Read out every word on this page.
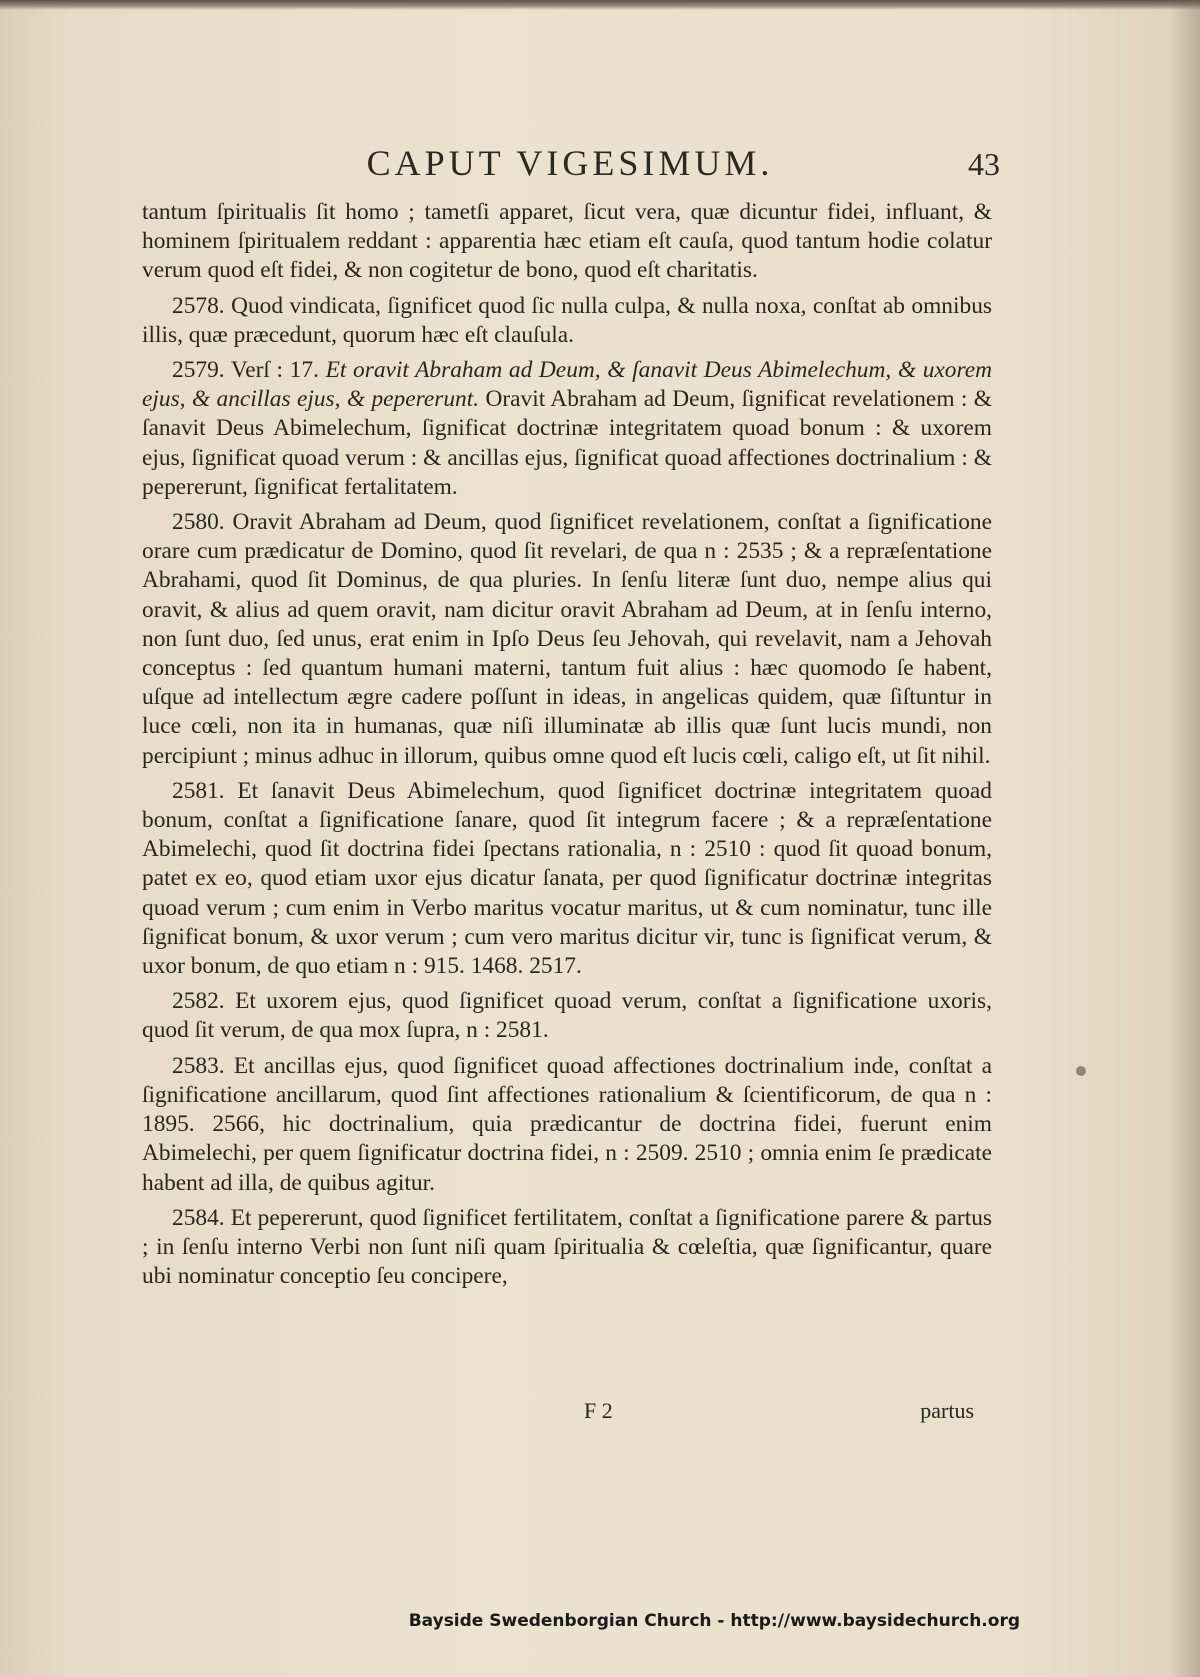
CAPUT VIGESIMUM.	43

tantum ſpiritualis ſit homo ; tametſi apparet, ſicut vera, quæ dicuntur fidei, influant, & hominem ſpiritualem reddant : apparentia hæc etiam eſt cauſa, quod tantum hodie colatur verum quod eſt fidei, & non cogitetur de bono, quod eſt charitatis.

2578. Quod vindicata, ſignificet quod ſic nulla culpa, & nulla noxa, conſtat ab omnibus illis, quæ præcedunt, quorum hæc eſt clauſula.

2579. Verſ : 17. Et oravit Abraham ad Deum, & ſanavit Deus Abimelechum, & uxorem ejus, & ancillas ejus, & pepererunt. Oravit Abraham ad Deum, ſignificat revelationem : & ſanavit Deus Abimelechum, ſignificat doctrinæ integritatem quoad bonum : & uxorem ejus, ſignificat quoad verum : & ancillas ejus, ſignificat quoad affectiones doctrinalium : & pepererunt, ſignificat fertalitatem.

2580. Oravit Abraham ad Deum, quod ſignificet revelationem, conſtat a ſignificatione orare cum prædicatur de Domino, quod ſit revelari, de qua n : 2535 ; & a repræſentatione Abrahami, quod ſit Dominus, de qua pluries. In ſenſu literæ ſunt duo, nempe alius qui oravit, & alius ad quem oravit, nam dicitur oravit Abraham ad Deum, at in ſenſu interno, non ſunt duo, ſed unus, erat enim in Ipſo Deus ſeu Jehovah, qui revelavit, nam a Jehovah conceptus : ſed quantum humani materni, tantum fuit alius : hæc quomodo ſe habent, uſque ad intellectum ægre cadere poſſunt in ideas, in angelicas quidem, quæ ſiſtuntur in luce cœli, non ita in humanas, quæ niſi illuminatæ ab illis quæ ſunt lucis mundi, non percipiunt ; minus adhuc in illorum, quibus omne quod eſt lucis cœli, caligo eſt, ut ſit nihil.

2581. Et ſanavit Deus Abimelechum, quod ſignificet doctrinæ integritatem quoad bonum, conſtat a ſignificatione ſanare, quod ſit integrum facere ; & a repræſentatione Abimelechi, quod ſit doctrina fidei ſpectans rationalia, n : 2510 : quod ſit quoad bonum, patet ex eo, quod etiam uxor ejus dicatur ſanata, per quod ſignificatur doctrinæ integritas quoad verum ; cum enim in Verbo maritus vocatur maritus, ut & cum nominatur, tunc ille ſignificat bonum, & uxor verum ; cum vero maritus dicitur vir, tunc is ſignificat verum, & uxor bonum, de quo etiam n : 915. 1468. 2517.

2582. Et uxorem ejus, quod ſignificet quoad verum, conſtat a ſignificatione uxoris, quod ſit verum, de qua mox ſupra, n : 2581.

2583. Et ancillas ejus, quod ſignificet quoad affectiones doctrinalium inde, conſtat a ſignificatione ancillarum, quod ſint affectiones rationalium & ſcientificorum, de qua n : 1895. 2566, hic doctrinalium, quia prædicantur de doctrina fidei, fuerunt enim Abimelechi, per quem ſignificatur doctrina fidei, n : 2509. 2510 ; omnia enim ſe prædicate habent ad illa, de quibus agitur.

2584. Et pepererunt, quod ſignificet fertilitatem, conſtat a ſignificatione parere & partus ; in ſenſu interno Verbi non ſunt niſi quam ſpiritualia & cœleſtia, quæ ſignificantur, quare ubi nominatur conceptio ſeu concipere,

F 2	partus
Bayside Swedenborgian Church - http://www.baysidechurch.org
